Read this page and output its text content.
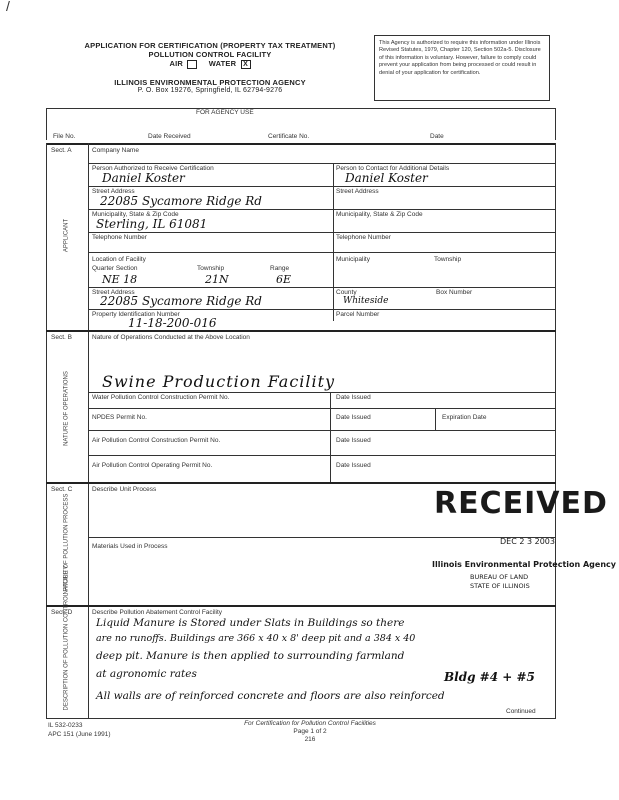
/
APPLICATION FOR CERTIFICATION (PROPERTY TAX TREATMENT)
POLLUTION CONTROL FACILITY
AIR	WATER X
ILLINOIS ENVIRONMENTAL PROTECTION AGENCY
P. O. Box 19276, Springfield, IL 62794-9276
This Agency is authorized to require this information under Illinois Revised Statutes, 1979, Chapter 120, Section 502a-5. Disclosure of this information is voluntary. However, failure to comply could prevent your application from being processed or could result in denial of your application for certification.
FOR AGENCY USE
File No.	Date Received	Certificate No.	Date
Sect. A
APPLICANT
Company Name
Person Authorized to Receive Certification
Daniel Koster
Person to Contact for Additional Details
Daniel Koster
Street Address
22085 Sycamore Ridge Rd
Street Address
Municipality, State & Zip Code
Sterling, IL 61081
Municipality, State & Zip Code
Telephone Number	Telephone Number
Location of Facility	Municipality	Township
Quarter Section	Township	Range
NE 18	21N	6E
Street Address
22085 Sycamore Ridge Rd
County
Whiteside
Box Number
Property Identification Number
11-18-200-016
Parcel Number
Sect. B
NATURE OF OPERATIONS
Nature of Operations Conducted at the Above Location
Swine Production Facility
Water Pollution Control Construction Permit No.	Date Issued
NPDES Permit No.	Date Issued	Expiration Date
Air Pollution Control Construction Permit No.	Date Issued
Air Pollution Control Operating Permit No.	Date Issued
Sect. C
NATURE OF POLLUTION PROCESS
Describe Unit Process
Materials Used in Process
RECEIVED
DEC 2 3 2003
Illinois Environmental Protection Agency
BUREAU OF LAND
STATE OF ILLINOIS
Sect. D
DESCRIPTION OF POLLUTION CONTROL FACILITY	Describe Pollution Abatement Control Facility
Liquid Manure is Stored under Slats in Buildings so there
are no runoffs. Buildings are 366 x 40 x 8' deep pit and a 384 x 40
deep pit. Manure is then applied to surrounding farmland
at agronomic rates	Bldg #4 + #5
All walls are of reinforced concrete and floors are also reinforced
Continued
IL 532-0233
APC 151 (June 1991)
For Certification for Pollution Control Facilities
Page 1 of 2
216
